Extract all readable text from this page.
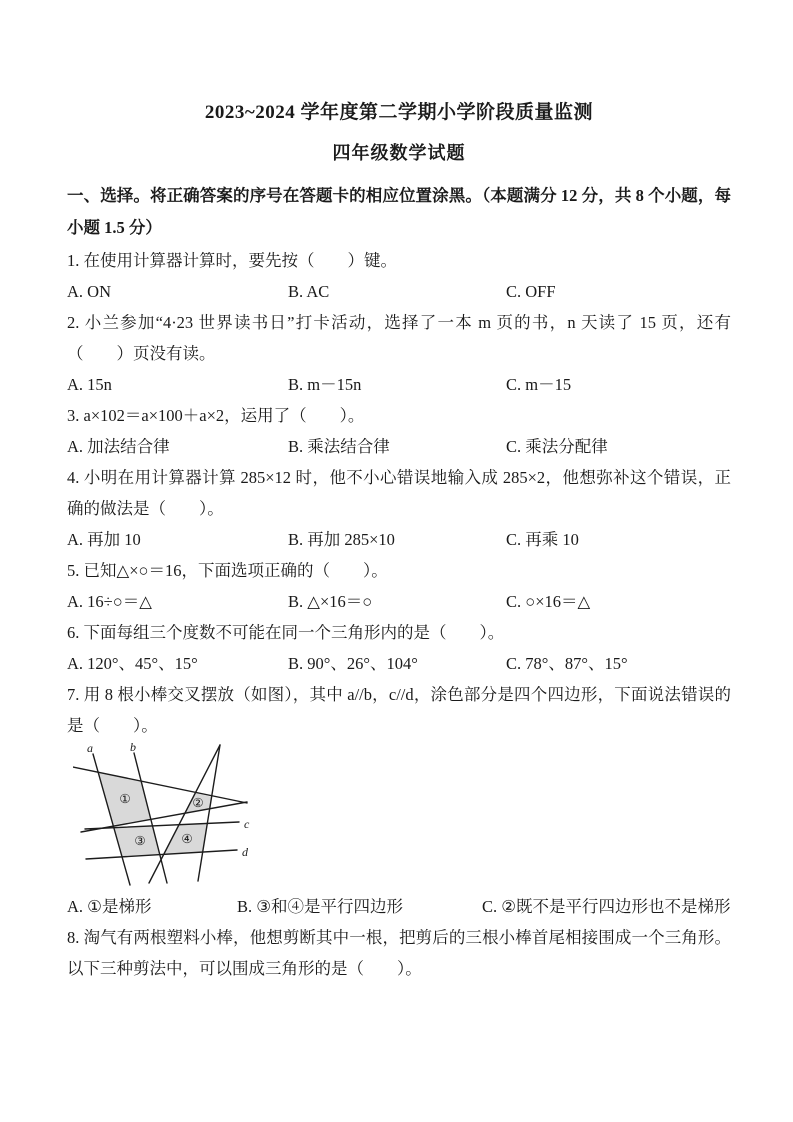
2023~2024 学年度第二学期小学阶段质量监测
四年级数学试题

一、选择。将正确答案的序号在答题卡的相应位置涂黑。（本题满分 12 分，共 8 个小题，每小题 1.5 分）

1. 在使用计算器计算时，要先按（　　）键。

A. ON	B. AC	C. OFF

2. 小兰参加“4·23 世界读书日”打卡活动，选择了一本 m 页的书，n 天读了 15 页，还有（　　）页没有读。

A. 15n	B. m－15n	C. m－15

3. a×102＝a×100＋a×2，运用了（　　）。

A. 加法结合律	B. 乘法结合律	C. 乘法分配律

4. 小明在用计算器计算 285×12 时，他不小心错误地输入成 285×2，他想弥补这个错误，正确的做法是（　　）。

A. 再加 10	B. 再加 285×10	C. 再乘 10

5. 已知△×○＝16，下面选项正确的（　　）。

A. 16÷○＝△	B. △×16＝○	C. ○×16＝△

6. 下面每组三个度数不可能在同一个三角形内的是（　　）。

A. 120°、45°、15°	B. 90°、26°、104°	C. 78°、87°、15°

7. 用 8 根小棒交叉摆放（如图），其中 a//b，c//d，涂色部分是四个四边形，下面说法错误的是（　　）。

a	b
c
d
①	②
③	④
A. ①是梯形	B. ③和④是平行四边形	C. ②既不是平行四边形也不是梯形

8. 淘气有两根塑料小棒，他想剪断其中一根，把剪后的三根小棒首尾相接围成一个三角形。以下三种剪法中，可以围成三角形的是（　　）。
